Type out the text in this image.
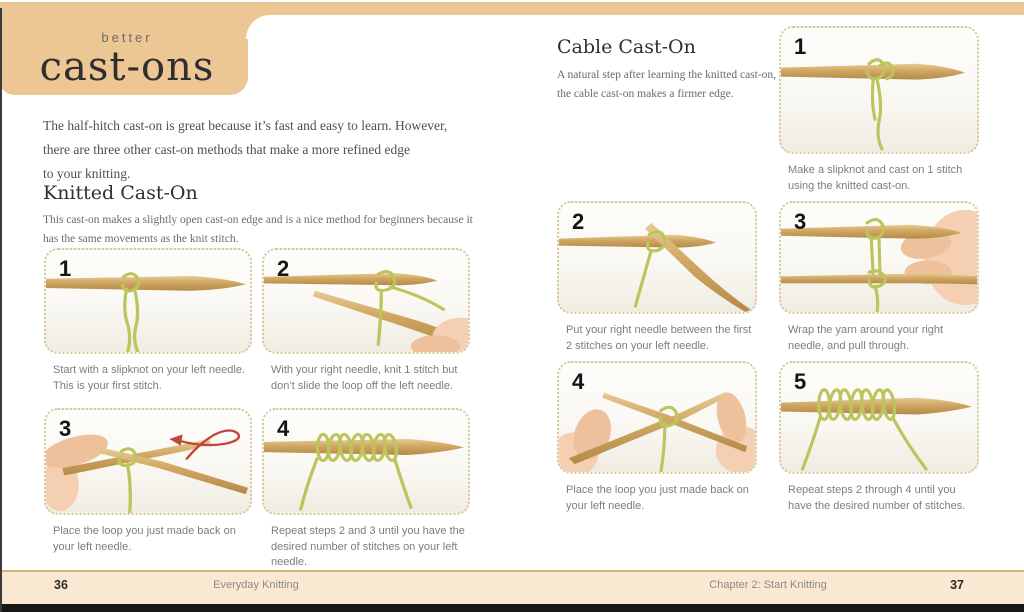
better
cast-ons
The half-hitch cast-on is great because it’s fast and easy to learn. However,
there are three other cast-on methods that make a more refined edge
to your knitting.
Knitted Cast-On
This cast-on makes a slightly open cast-on edge and is a nice method for beginners because it
has the same movements as the knit stitch.
1
Start with a slipknot on your left needle. This is your first stitch.
2
With your right needle, knit 1 stitch but don’t slide the loop off the left needle.
3
Place the loop you just made back on your left needle.
4
Repeat steps 2 and 3 until you have the desired number of stitches on your left needle.
Cable Cast-On
A natural step after learning the knitted cast-on,
the cable cast-on makes a firmer edge.
1
Make a slipknot and cast on 1 stitch using the knitted cast-on.
2
Put your right needle between the first 2 stitches on your left needle.
3
Wrap the yarn around your right needle, and pull through.
4
Place the loop you just made back on your left needle.
5
Repeat steps 2 through 4 until you have the desired number of stitches.
36	Everyday Knitting	Chapter 2: Start Knitting	37
